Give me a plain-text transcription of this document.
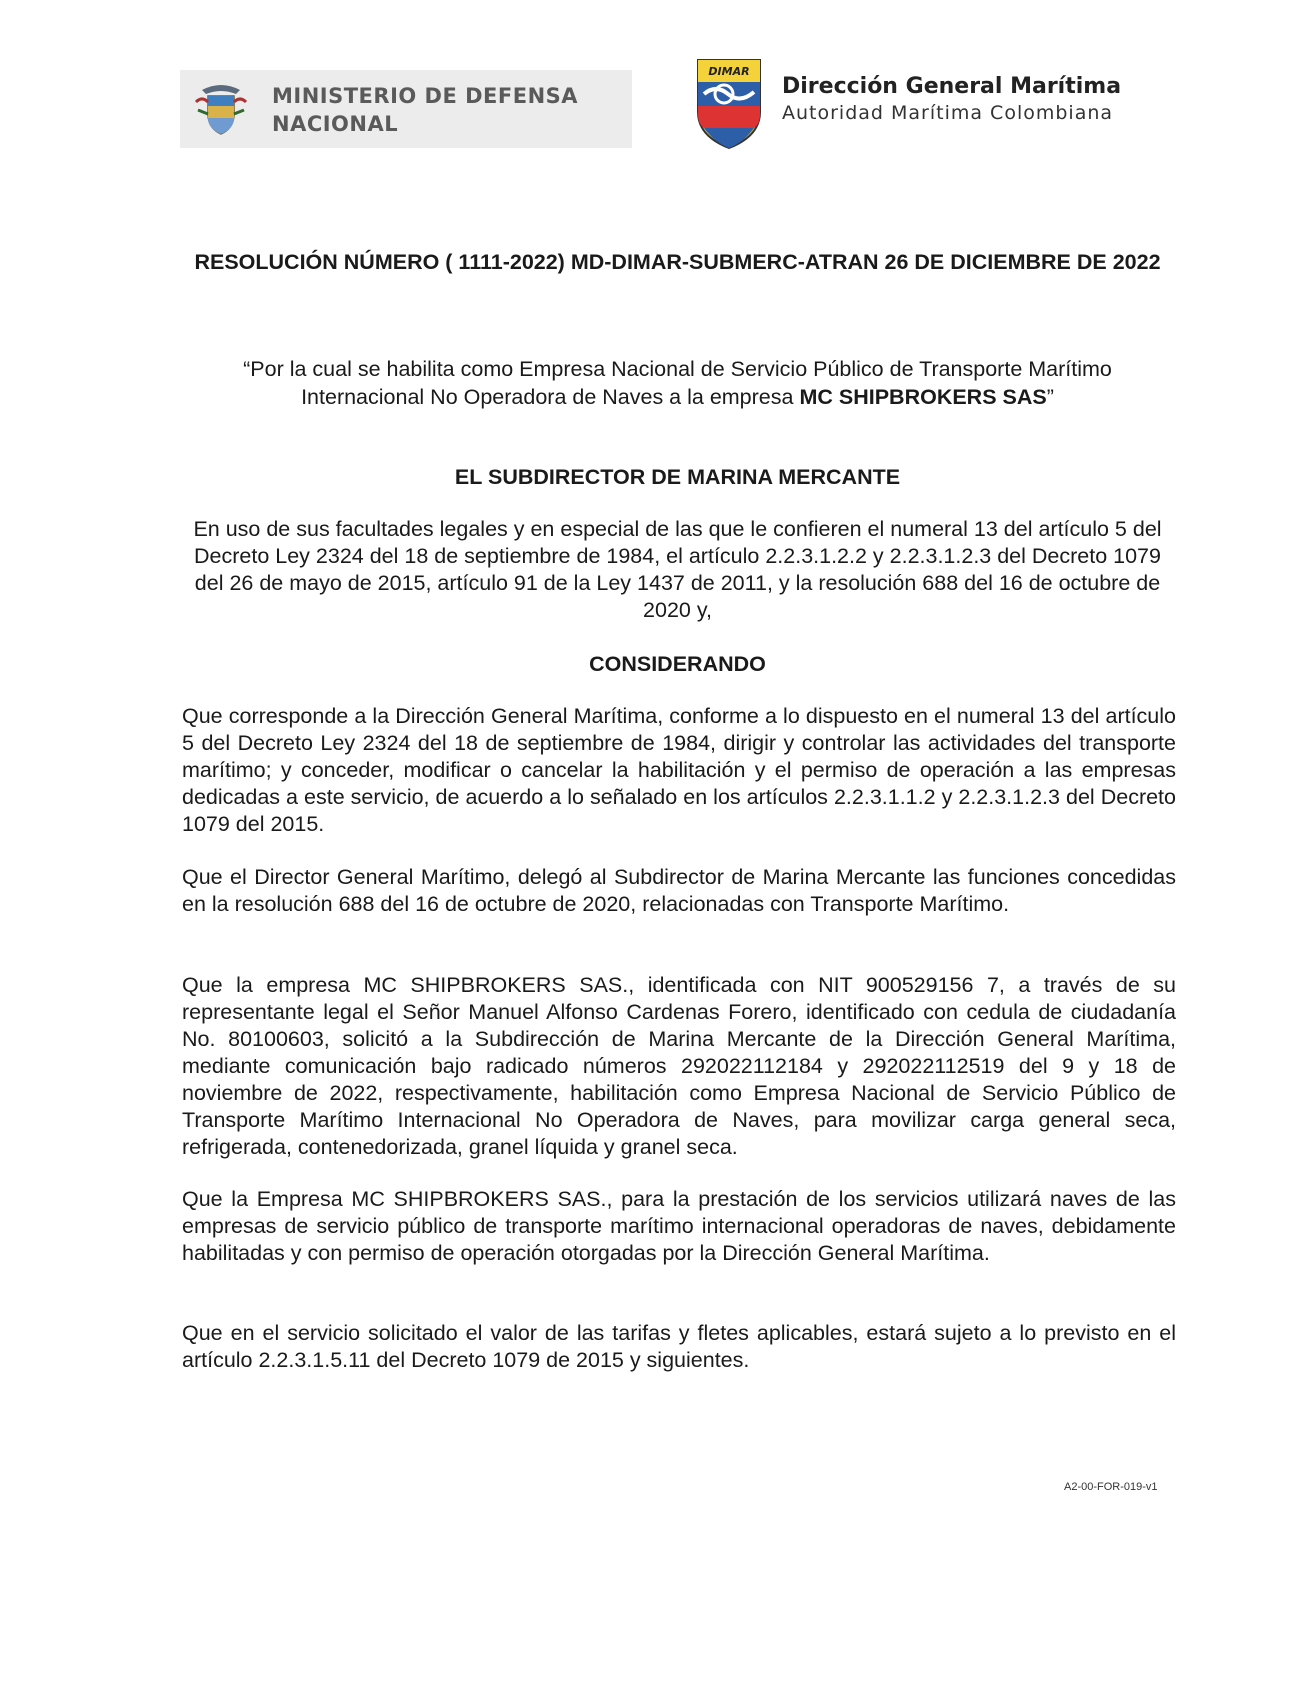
MINISTERIO DE DEFENSA
NACIONAL
DIMAR
Dirección General Marítima
Autoridad Marítima Colombiana
RESOLUCIÓN NÚMERO ( 1111-2022) MD-DIMAR-SUBMERC-ATRAN 26 DE DICIEMBRE DE 2022
“Por la cual se habilita como Empresa Nacional de Servicio Público de Transporte Marítimo Internacional No Operadora de Naves a la empresa MC SHIPBROKERS SAS”
EL SUBDIRECTOR DE MARINA MERCANTE
En uso de sus facultades legales y en especial de las que le confieren el numeral 13 del artículo 5 del Decreto Ley 2324 del 18 de septiembre de 1984, el artículo 2.2.3.1.2.2 y 2.2.3.1.2.3 del Decreto 1079 del 26 de mayo de 2015, artículo 91 de la Ley 1437 de 2011, y la resolución 688 del 16 de octubre de 2020 y,
CONSIDERANDO
Que corresponde a la Dirección General Marítima, conforme a lo dispuesto en el numeral 13 del artículo 5 del Decreto Ley 2324 del 18 de septiembre de 1984, dirigir y controlar las actividades del transporte marítimo; y conceder, modificar o cancelar la habilitación y el permiso de operación a las empresas dedicadas a este servicio, de acuerdo a lo señalado en los artículos 2.2.3.1.1.2 y 2.2.3.1.2.3 del Decreto 1079 del 2015.
Que el Director General Marítimo, delegó al Subdirector de Marina Mercante las funciones concedidas en la resolución 688 del 16 de octubre de 2020, relacionadas con Transporte Marítimo.
Que la empresa MC SHIPBROKERS SAS., identificada con NIT 900529156 7, a través de su representante legal el Señor Manuel Alfonso Cardenas Forero, identificado con cedula de ciudadanía No. 80100603, solicitó a la Subdirección de Marina Mercante de la Dirección General Marítima, mediante comunicación bajo radicado números 292022112184 y 292022112519 del 9 y 18 de noviembre de 2022, respectivamente, habilitación como Empresa Nacional de Servicio Público de Transporte Marítimo Internacional No Operadora de Naves, para movilizar carga general seca, refrigerada, contenedorizada, granel líquida y granel seca.
Que la Empresa MC SHIPBROKERS SAS., para la prestación de los servicios utilizará naves de las empresas de servicio público de transporte marítimo internacional operadoras de naves, debidamente habilitadas y con permiso de operación otorgadas por la Dirección General Marítima.
Que en el servicio solicitado el valor de las tarifas y fletes aplicables, estará sujeto a lo previsto en el artículo 2.2.3.1.5.11 del Decreto 1079 de 2015 y siguientes.
A2-00-FOR-019-v1
